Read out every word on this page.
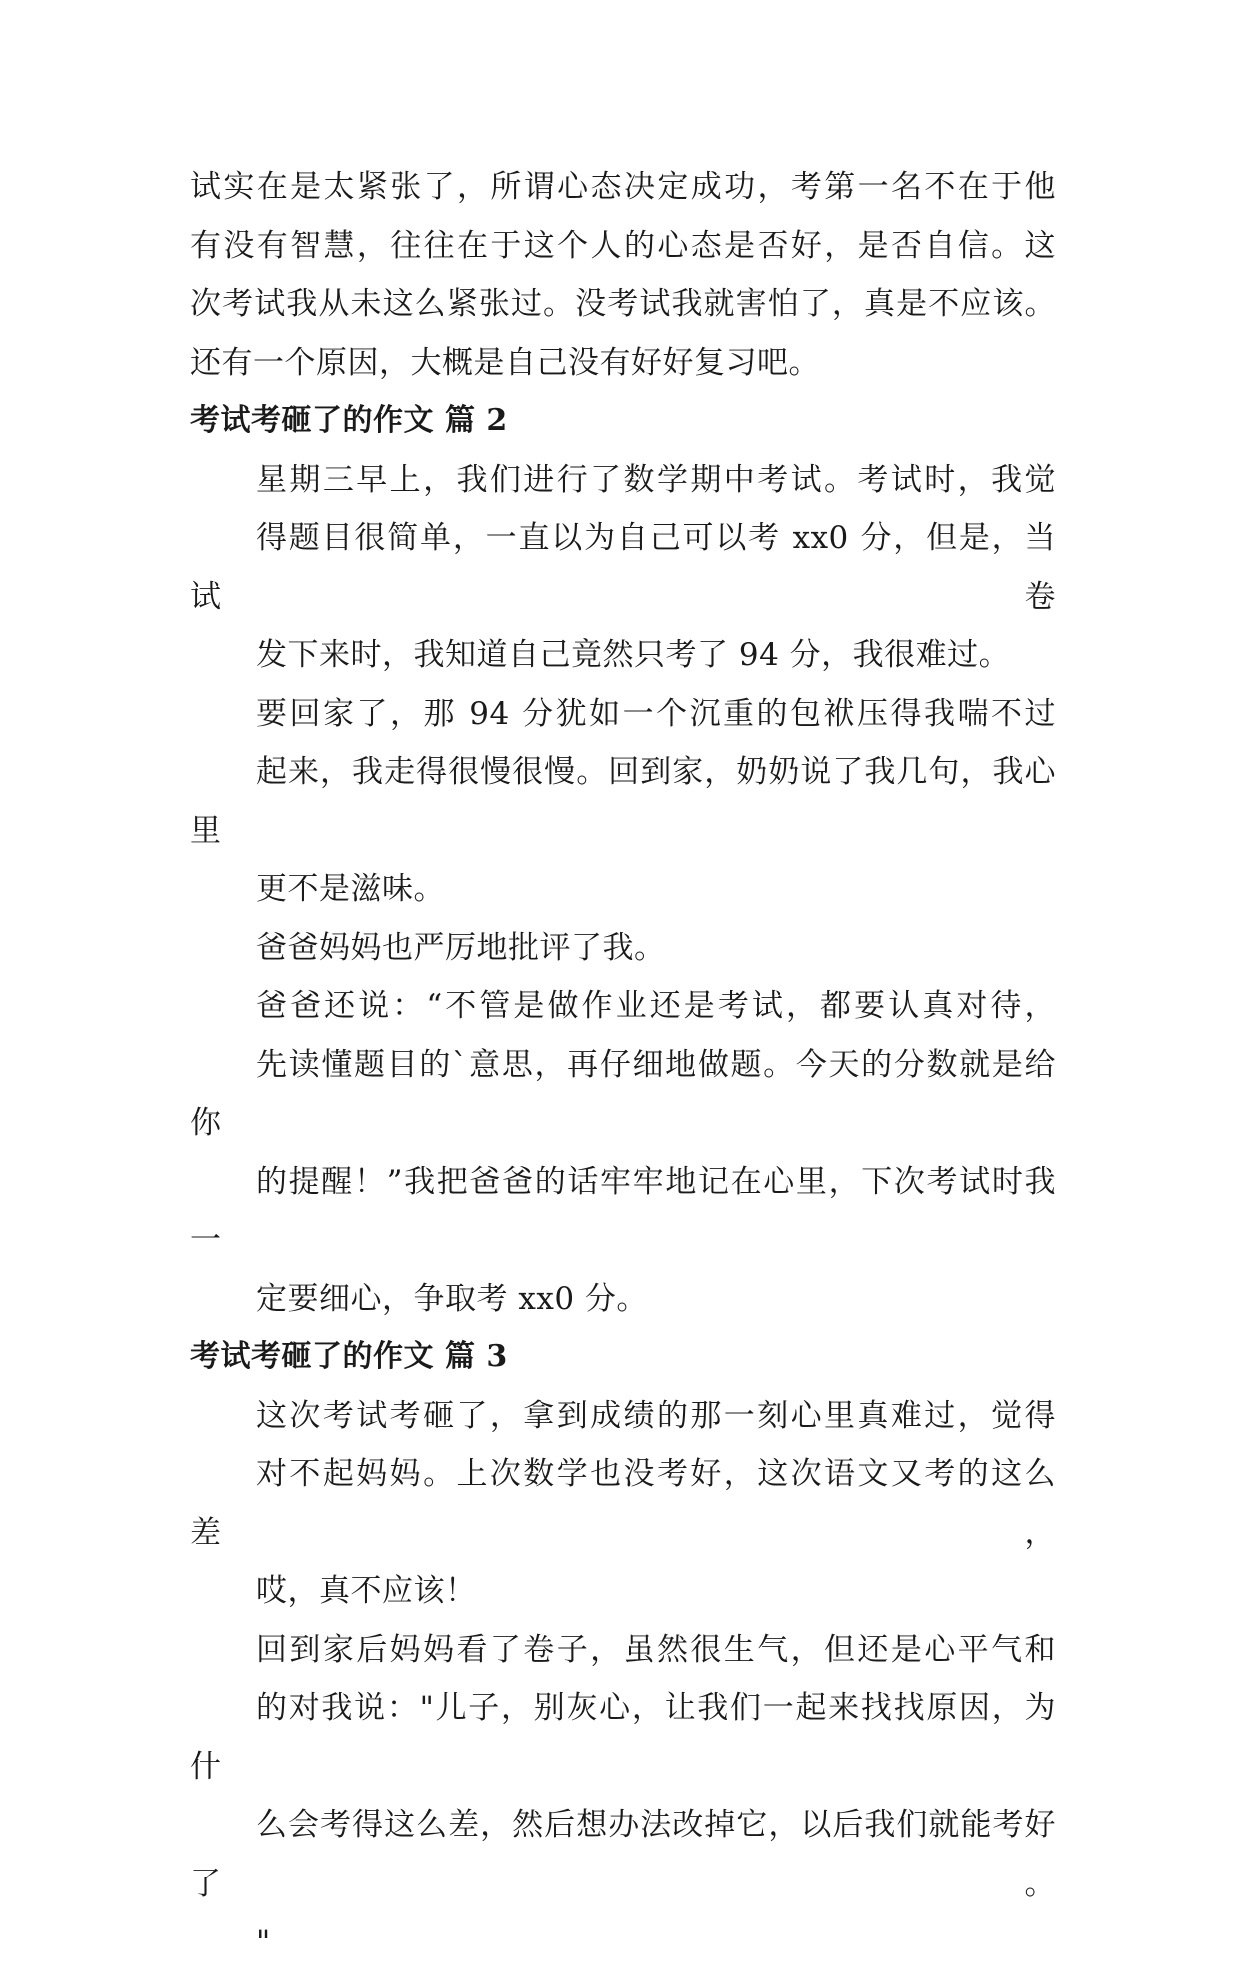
试实在是太紧张了，所谓心态决定成功，考第一名不在于他
有没有智慧，往往在于这个人的心态是否好，是否自信。这
次考试我从未这么紧张过。没考试我就害怕了，真是不应该。
还有一个原因，大概是自己没有好好复习吧。

考试考砸了的作文 篇 2

星期三早上，我们进行了数学期中考试。考试时，我觉
得题目很简单，一直以为自己可以考 xx0 分，但是，当试卷
发下来时，我知道自己竟然只考了 94 分，我很难过。

要回家了，那 94 分犹如一个沉重的包袱压得我喘不过
起来，我走得很慢很慢。回到家，奶奶说了我几句，我心里
更不是滋味。

爸爸妈妈也严厉地批评了我。

爸爸还说：“不管是做作业还是考试，都要认真对待，
先读懂题目的`意思，再仔细地做题。今天的分数就是给你
的提醒！”我把爸爸的话牢牢地记在心里，下次考试时我一
定要细心，争取考 xx0 分。

考试考砸了的作文 篇 3

这次考试考砸了，拿到成绩的那一刻心里真难过，觉得
对不起妈妈。上次数学也没考好，这次语文又考的这么差，
哎，真不应该！

回到家后妈妈看了卷子，虽然很生气，但还是心平气和
的对我说："儿子，别灰心，让我们一起来找找原因，为什
么会考得这么差，然后想办法改掉它，以后我们就能考好了。
"
